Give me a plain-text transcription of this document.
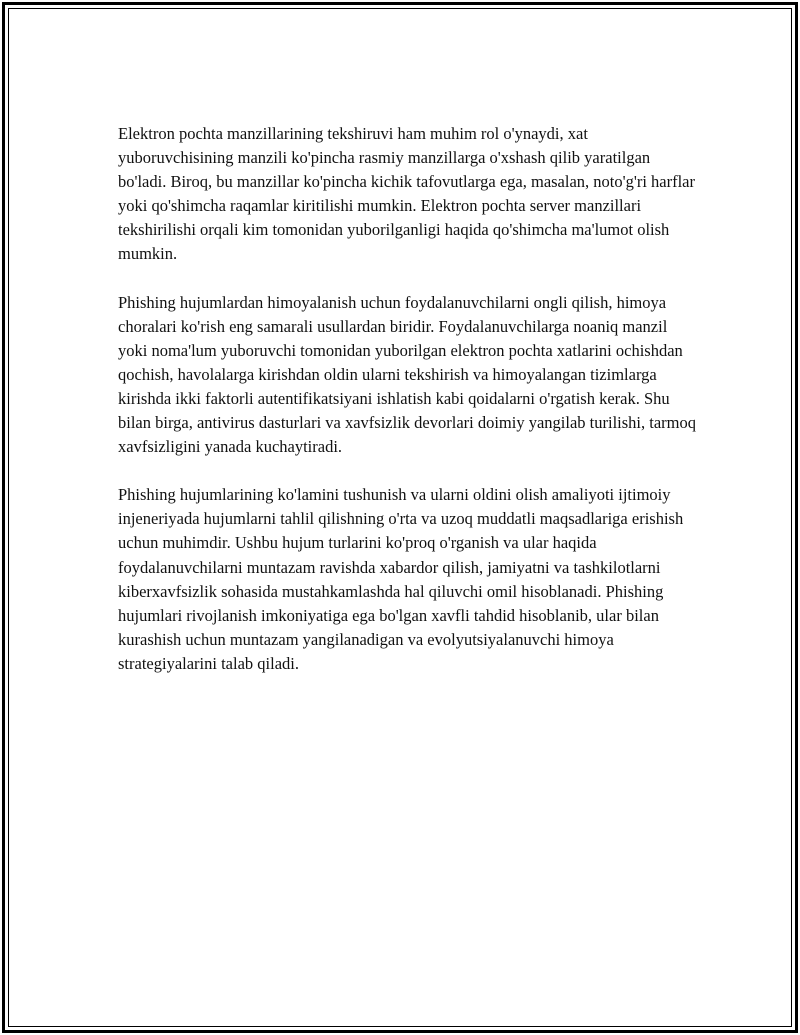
Elektron pochta manzillarining tekshiruvi ham muhim rol o'ynaydi, xat yuboruvchisining manzili ko'pincha rasmiy manzillarga o'xshash qilib yaratilgan bo'ladi. Biroq, bu manzillar ko'pincha kichik tafovutlarga ega, masalan, noto'g'ri harflar yoki qo'shimcha raqamlar kiritilishi mumkin. Elektron pochta server manzillari tekshirilishi orqali kim tomonidan yuborilganligi haqida qo'shimcha ma'lumot olish mumkin.

Phishing hujumlardan himoyalanish uchun foydalanuvchilarni ongli qilish, himoya choralari ko'rish eng samarali usullardan biridir. Foydalanuvchilarga noaniq manzil yoki noma'lum yuboruvchi tomonidan yuborilgan elektron pochta xatlarini ochishdan qochish, havolalarga kirishdan oldin ularni tekshirish va himoyalangan tizimlarga kirishda ikki faktorli autentifikatsiyani ishlatish kabi qoidalarni o'rgatish kerak. Shu bilan birga, antivirus dasturlari va xavfsizlik devorlari doimiy yangilab turilishi, tarmoq xavfsizligini yanada kuchaytiradi.

Phishing hujumlarining ko'lamini tushunish va ularni oldini olish amaliyoti ijtimoiy injeneriyada hujumlarni tahlil qilishning o'rta va uzoq muddatli maqsadlariga erishish uchun muhimdir. Ushbu hujum turlarini ko'proq o'rganish va ular haqida foydalanuvchilarni muntazam ravishda xabardor qilish, jamiyatni va tashkilotlarni kiberxavfsizlik sohasida mustahkamlashda hal qiluvchi omil hisoblanadi. Phishing hujumlari rivojlanish imkoniyatiga ega bo'lgan xavfli tahdid hisoblanib, ular bilan kurashish uchun muntazam yangilanadigan va evolyutsiyalanuvchi himoya strategiyalarini talab qiladi.
